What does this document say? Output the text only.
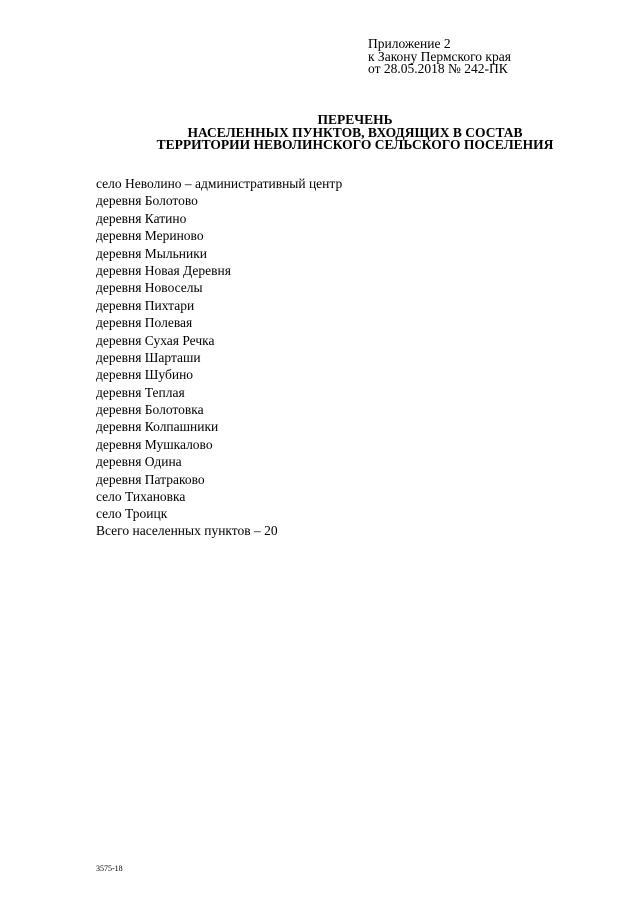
Приложение 2
к Закону Пермского края
от 28.05.2018 № 242-ПК
ПЕРЕЧЕНЬ
НАСЕЛЕННЫХ ПУНКТОВ, ВХОДЯЩИХ В СОСТАВ
ТЕРРИТОРИИ НЕВОЛИНСКОГО СЕЛЬСКОГО ПОСЕЛЕНИЯ
село Неволино – административный центр
деревня Болотово
деревня Катино
деревня Мериново
деревня Мыльники
деревня Новая Деревня
деревня Новоселы
деревня Пихтари
деревня Полевая
деревня Сухая Речка
деревня Шарташи
деревня Шубино
деревня Теплая
деревня Болотовка
деревня Колпашники
деревня Мушкалово
деревня Одина
деревня Патраково
село Тихановка
село Троицк
Всего населенных пунктов – 20
3575-18
